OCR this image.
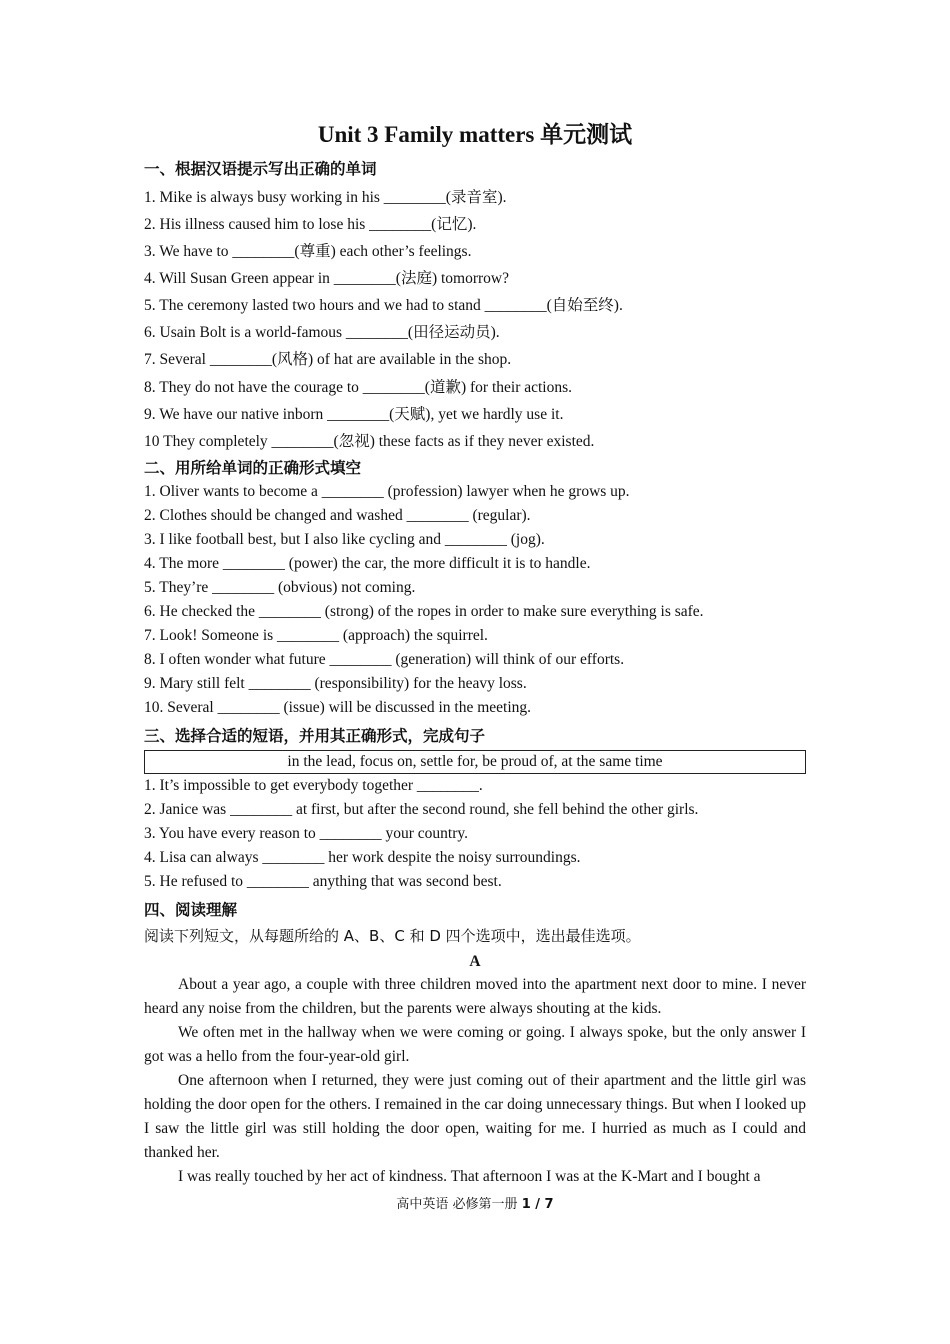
Unit 3 Family matters 单元测试
一、根据汉语提示写出正确的单词
1. Mike is always busy working in his ________(录音室).
2. His illness caused him to lose his ________(记忆).
3. We have to ________(尊重) each other’s feelings.
4. Will Susan Green appear in ________(法庭) tomorrow?
5. The ceremony lasted two hours and we had to stand ________(自始至终).
6. Usain Bolt is a world-famous ________(田径运动员).
7. Several ________(风格) of hat are available in the shop.
8. They do not have the courage to ________(道歉) for their actions.
9. We have our native inborn ________(天赋), yet we hardly use it.
10 They completely ________(忽视) these facts as if they never existed.
二、用所给单词的正确形式填空
1. Oliver wants to become a ________ (profession) lawyer when he grows up.
2. Clothes should be changed and washed ________ (regular).
3. I like football best, but I also like cycling and ________ (jog).
4. The more ________ (power) the car, the more difficult it is to handle.
5. They’re ________ (obvious) not coming.
6. He checked the ________ (strong) of the ropes in order to make sure everything is safe.
7. Look! Someone is ________ (approach) the squirrel.
8. I often wonder what future ________ (generation) will think of our efforts.
9. Mary still felt ________ (responsibility) for the heavy loss.
10. Several ________ (issue) will be discussed in the meeting.
三、选择合适的短语，并用其正确形式，完成句子
in the lead, focus on, settle for, be proud of, at the same time
1. It’s impossible to get everybody together ________.
2. Janice was ________ at first, but after the second round, she fell behind the other girls.
3. You have every reason to ________ your country.
4. Lisa can always ________ her work despite the noisy surroundings.
5. He refused to ________ anything that was second best.
四、阅读理解
阅读下列短文，从每题所给的 A、B、C 和 D 四个选项中，选出最佳选项。
A
About a year ago, a couple with three children moved into the apartment next door to mine. I never heard any noise from the children, but the parents were always shouting at the kids.
We often met in the hallway when we were coming or going. I always spoke, but the only answer I got was a hello from the four-year-old girl.
One afternoon when I returned, they were just coming out of their apartment and the little girl was holding the door open for the others. I remained in the car doing unnecessary things. But when I looked up I saw the little girl was still holding the door open, waiting for me. I hurried as much as I could and thanked her.
I was really touched by her act of kindness. That afternoon I was at the K-Mart and I bought a
高中英语 必修第一册 1 / 7
